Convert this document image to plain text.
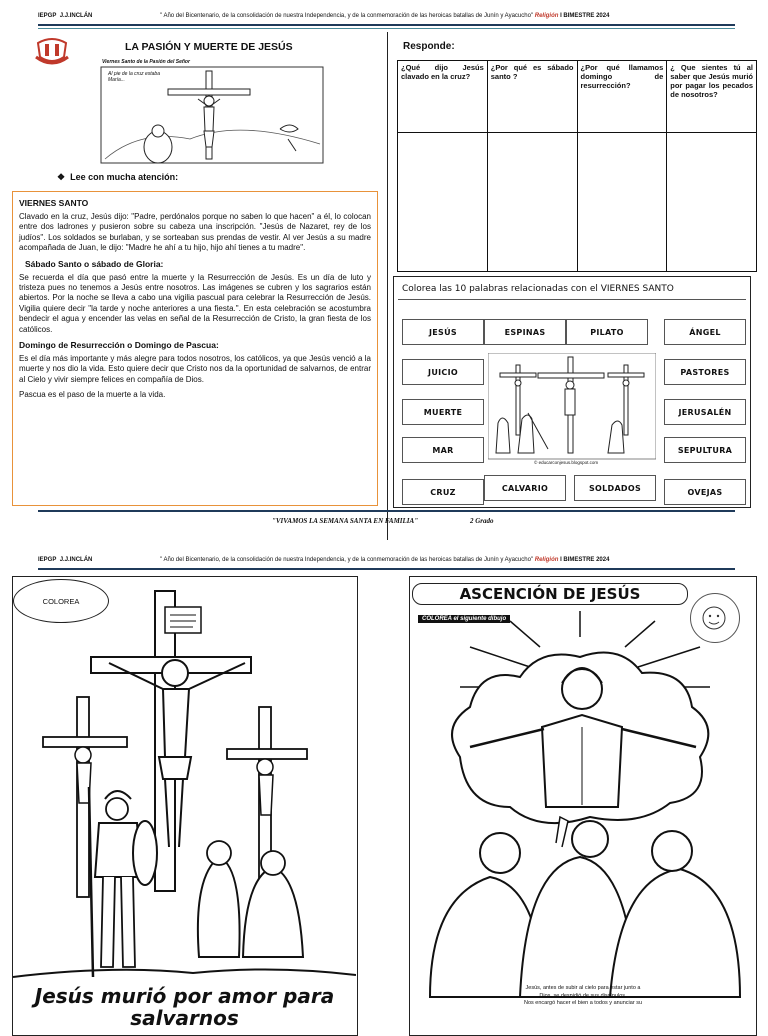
IEPGP J.J.INCLÁN	" Año del Bicentenario, de la consolidación de nuestra Independencia, y de la conmemoración de las heroicas batallas de Junín y Ayacucho" Religión I BIMESTRE 2024
LA PASIÓN Y MUERTE DE JESÚS
Viernes Santo de la Pasión del Señor
Al pie de la cruz estaba María...
❖ Lee con mucha atención:
VIERNES SANTO

Clavado en la cruz, Jesús dijo: "Padre, perdónalos porque no saben lo que hacen" a él, lo colocan entre dos ladrones y pusieron sobre su cabeza una inscripción. "Jesús de Nazaret, rey de los judíos". Los soldados se burlaban, y se sorteaban sus prendas de vestir. Al ver Jesús a su madre acompañada de Juan, le dijo: "Madre he ahí a tu hijo, hijo ahí tienes a tu madre".

Sábado Santo o sábado de Gloria:

Se recuerda el día que pasó entre la muerte y la Resurrección de Jesús. Es un día de luto y tristeza pues no tenemos a Jesús entre nosotros. Las imágenes se cubren y los sagrarios están abiertos. Por la noche se lleva a cabo una vigilia pascual para celebrar la Resurrección de Jesús. Vigilia quiere decir "la tarde y noche anteriores a una fiesta.". En esta celebración se acostumbra bendecir el agua y encender las velas en señal de la Resurrección de Cristo, la gran fiesta de los católicos.

Domingo de Resurrección o Domingo de Pascua:

Es el día más importante y más alegre para todos nosotros, los católicos, ya que Jesús venció a la muerte y nos dio la vida. Esto quiere decir que Cristo nos da la oportunidad de salvarnos, de entrar al Cielo y vivir siempre felices en compañía de Dios.

Pascua es el paso de la muerte a la vida.

Responde:
¿Qué dijo Jesús clavado en la cruz?	¿Por qué es sábado santo ?	¿Por qué llamamos domingo de resurrección?	¿ Que sientes tú al saber que Jesús murió por pagar los pecados de nosotros?

Colorea las 10 palabras relacionadas con el VIERNES SANTO
JESÚS	ESPINAS	PILATO	ÁNGEL
JUICIO	PASTORES
MUERTE	JERUSALÉN
MAR	SEPULTURA
CRUZ	CALVARIO	SOLDADOS	OVEJAS
© educarconjesus.blogspot.com
"VIVAMOS LA SEMANA SANTA EN FAMILIA"	2 Grado
IEPGP J.J.INCLÁN	" Año del Bicentenario, de la consolidación de nuestra Independencia, y de la conmemoración de las heroicas batallas de Junín y Ayacucho" Religión I BIMESTRE 2024
COLOREA
Jesús murió por amor para salvarnos
ASCENCIÓN DE JESÚS
COLOREA el siguiente dibujo
Jesús, antes de subir al cielo para estar junto a
Dios, se despidió de sus discípulos.
Nos encargó hacer el bien a todos y anunciar su
